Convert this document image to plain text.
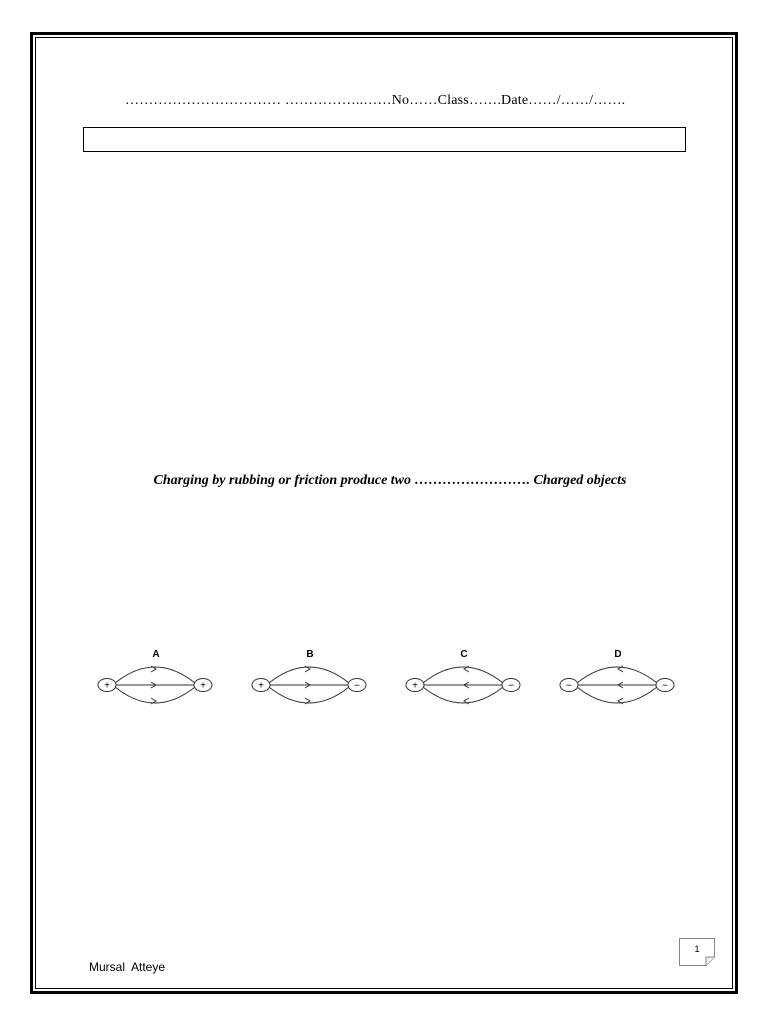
…………………………… ……………..……No……Class…….Date……/……/…….
Charging by rubbing or friction produce two ……………………. Charged objects
A
+	+
B
+	−
C
+	−
D
−	−
Mursal  Atteye
1
